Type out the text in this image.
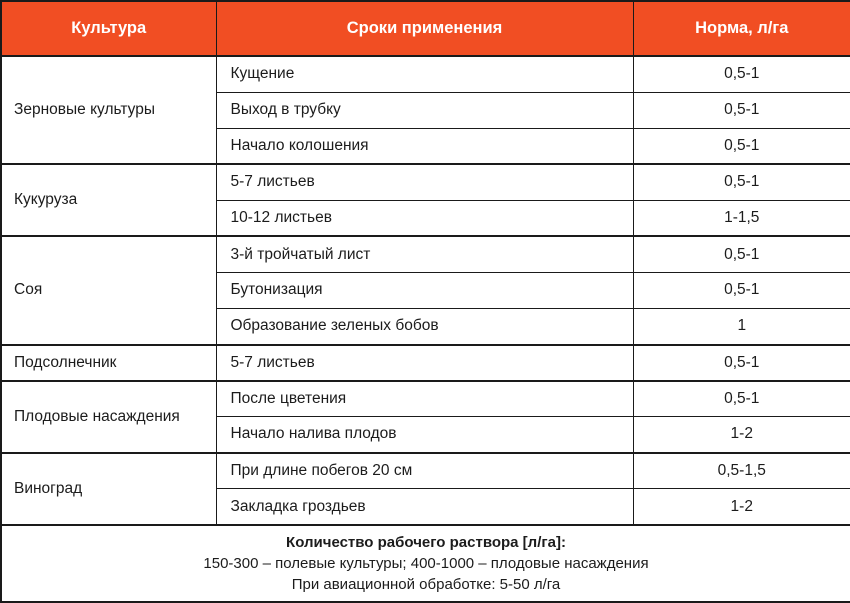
Культура	Сроки применения	Норма, л/га
Зерновые культуры	Кущение	0,5-1
	Выход в трубку	0,5-1
	Начало колошения	0,5-1
Кукуруза	5-7 листьев	0,5-1
	10-12 листьев	1-1,5
Соя	3-й тройчатый лист	0,5-1
	Бутонизация	0,5-1
	Образование зеленых бобов	1
Подсолнечник	5-7 листьев	0,5-1
Плодовые насаждения	После цветения	0,5-1
	Начало налива плодов	1-2
Виноград	При длине побегов 20 см	0,5-1,5
	Закладка гроздьев	1-2

Количество рабочего раствора [л/га]:
150-300 – полевые культуры; 400-1000 – плодовые насаждения
При авиационной обработке: 5-50 л/га		
